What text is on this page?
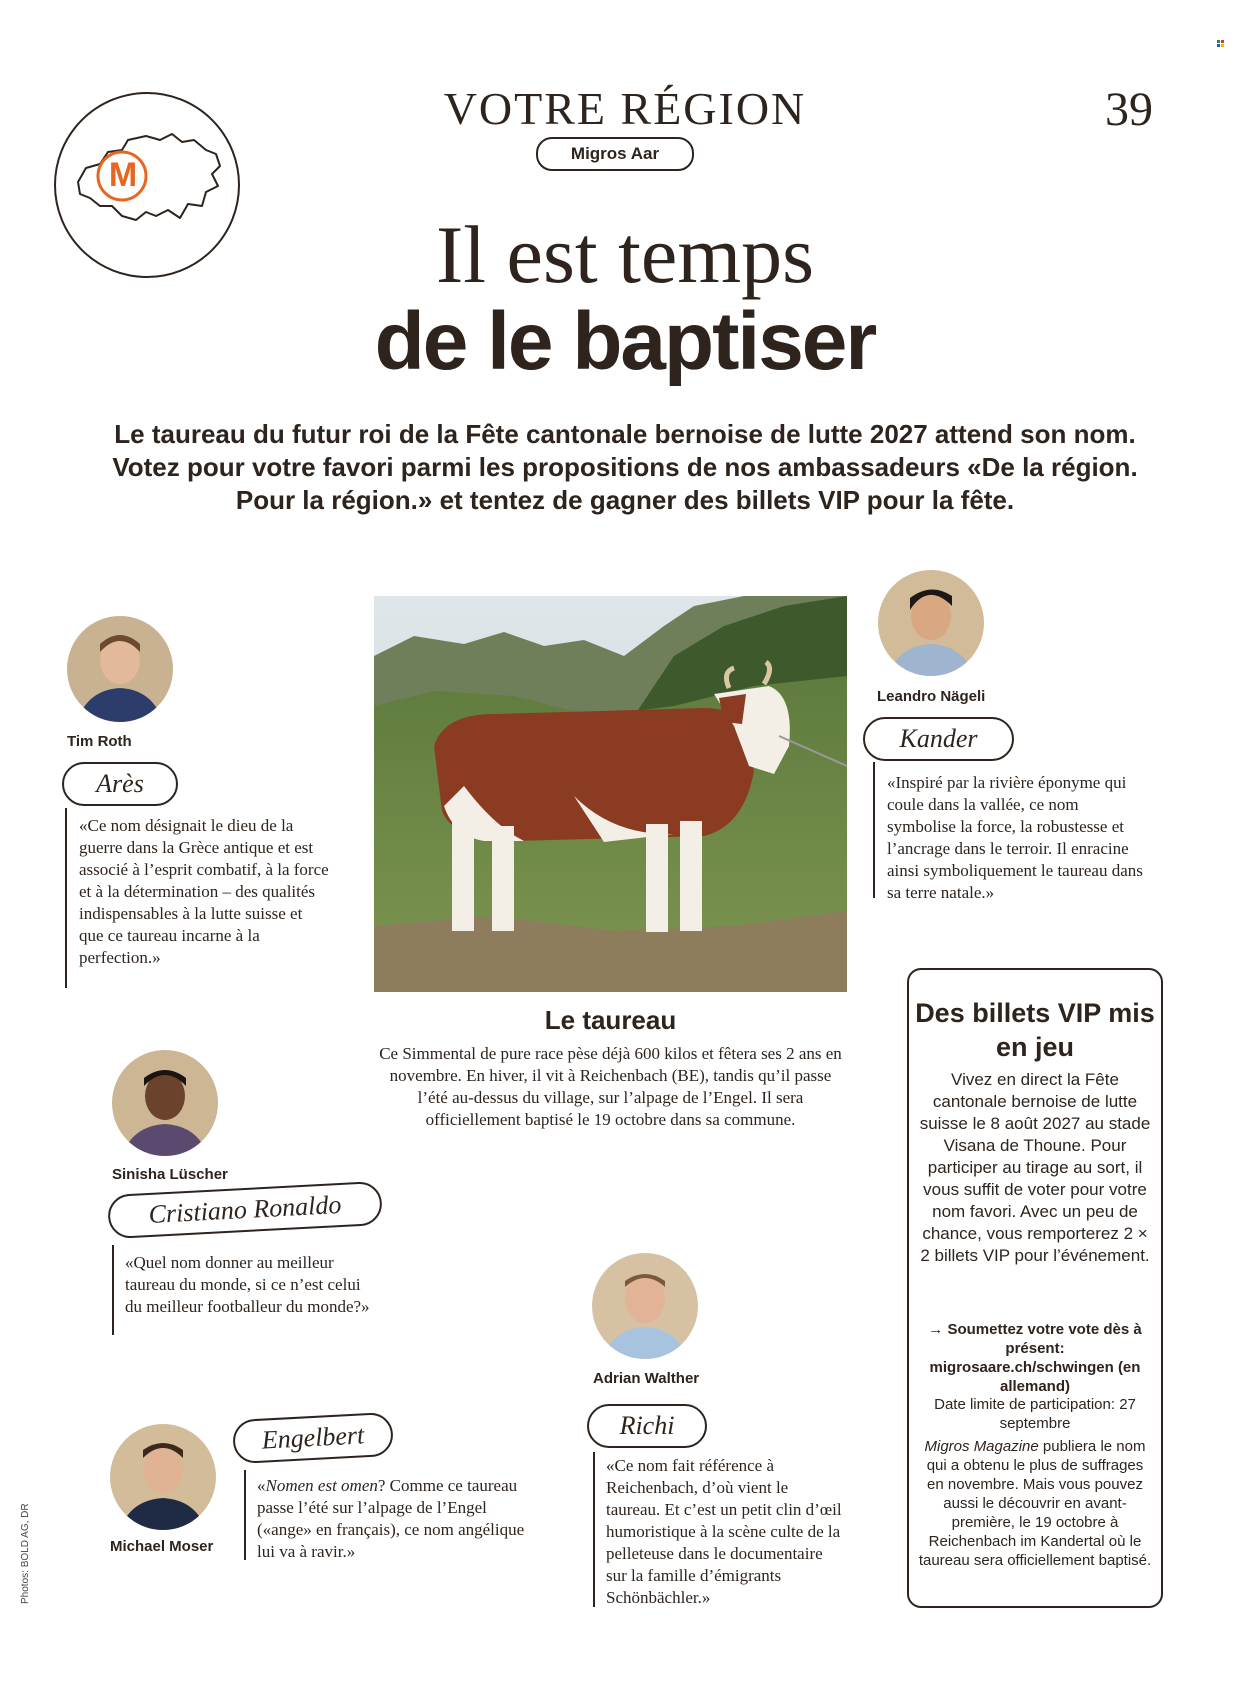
M
VOTRE RÉGION
Migros Aar
39
Il est temps
de le baptiser
Le taureau du futur roi de la Fête cantonale bernoise de lutte 2027 attend son nom. Votez pour votre favori parmi les propositions de nos ambassadeurs «De la région. Pour la région.» et tentez de gagner des billets VIP pour la fête.
Le taureau
Ce Simmental de pure race pèse déjà 600 kilos et fêtera ses 2 ans en novembre. En hiver, il vit à Reichenbach (BE), tandis qu’il passe l’été au-dessus du village, sur l’alpage de l’Engel. Il sera officiellement baptisé le 19 octobre dans sa commune.
Tim Roth
Arès
«Ce nom désignait le dieu de la guerre dans la Grèce antique et est associé à l’esprit combatif, à la force et à la détermination – des qualités indispensables à la lutte suisse et que ce taureau incarne à la perfection.»
Leandro Nägeli
Kander
«Inspiré par la rivière éponyme qui coule dans la vallée, ce nom symbolise la force, la robustesse et l’ancrage dans le terroir. Il enracine ainsi symboliquement le taureau dans sa terre natale.»
Sinisha Lüscher
Cristiano Ronaldo
«Quel nom donner au meilleur taureau du monde, si ce n’est celui du meilleur footballeur du monde?»
Adrian Walther
Richi
«Ce nom fait référence à Reichenbach, d’où vient le taureau. Et c’est un petit clin d’œil humoristique à la scène culte de la pelleteuse dans le documentaire sur la famille d’émigrants Schönbächler.»
Michael Moser
Engelbert
«Nomen est omen? Comme ce taureau passe l’été sur l’alpage de l’Engel («ange» en français), ce nom angélique lui va à ravir.»
Des billets VIP mis en jeu
Vivez en direct la Fête cantonale bernoise de lutte suisse le 8 août 2027 au stade Visana de Thoune. Pour participer au tirage au sort, il vous suffit de voter pour votre nom favori. Avec un peu de chance, vous remporterez 2 × 2 billets VIP pour l’événement.
→ Soumettez votre vote dès à présent: migrosaare.ch/schwingen (en allemand)
Date limite de participation: 27 septembre
Migros Magazine publiera le nom qui a obtenu le plus de suffrages en novembre. Mais vous pouvez aussi le découvrir en avant-première, le 19 octobre à Reichenbach im Kandertal où le taureau sera officiellement baptisé.
Photos: BOLD AG, DR
